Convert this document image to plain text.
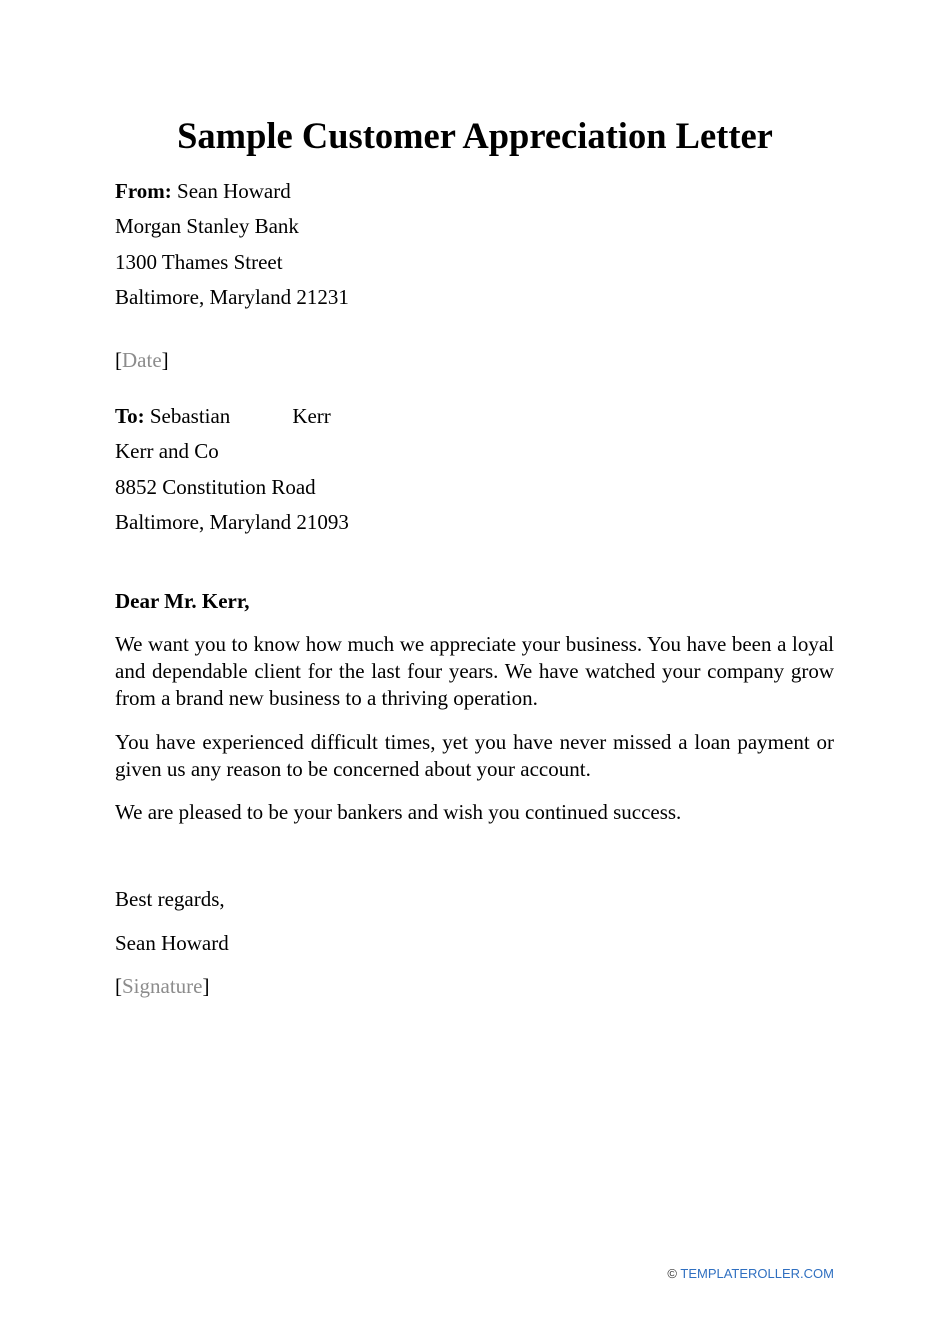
Sample Customer Appreciation Letter
From: Sean Howard
Morgan Stanley Bank
1300 Thames Street
Baltimore, Maryland 21231
[Date]
To: Sebastian	Kerr
Kerr and Co
8852 Constitution Road
Baltimore, Maryland 21093
Dear Mr. Kerr,

We want you to know how much we appreciate your business. You have been a loyal and dependable client for the last four years. We have watched your company grow from a brand new business to a thriving operation.

You have experienced difficult times, yet you have never missed a loan payment or given us any reason to be concerned about your account.

We are pleased to be your bankers and wish you continued success.

Best regards,
Sean Howard
[Signature]
© TEMPLATEROLLER.COM
